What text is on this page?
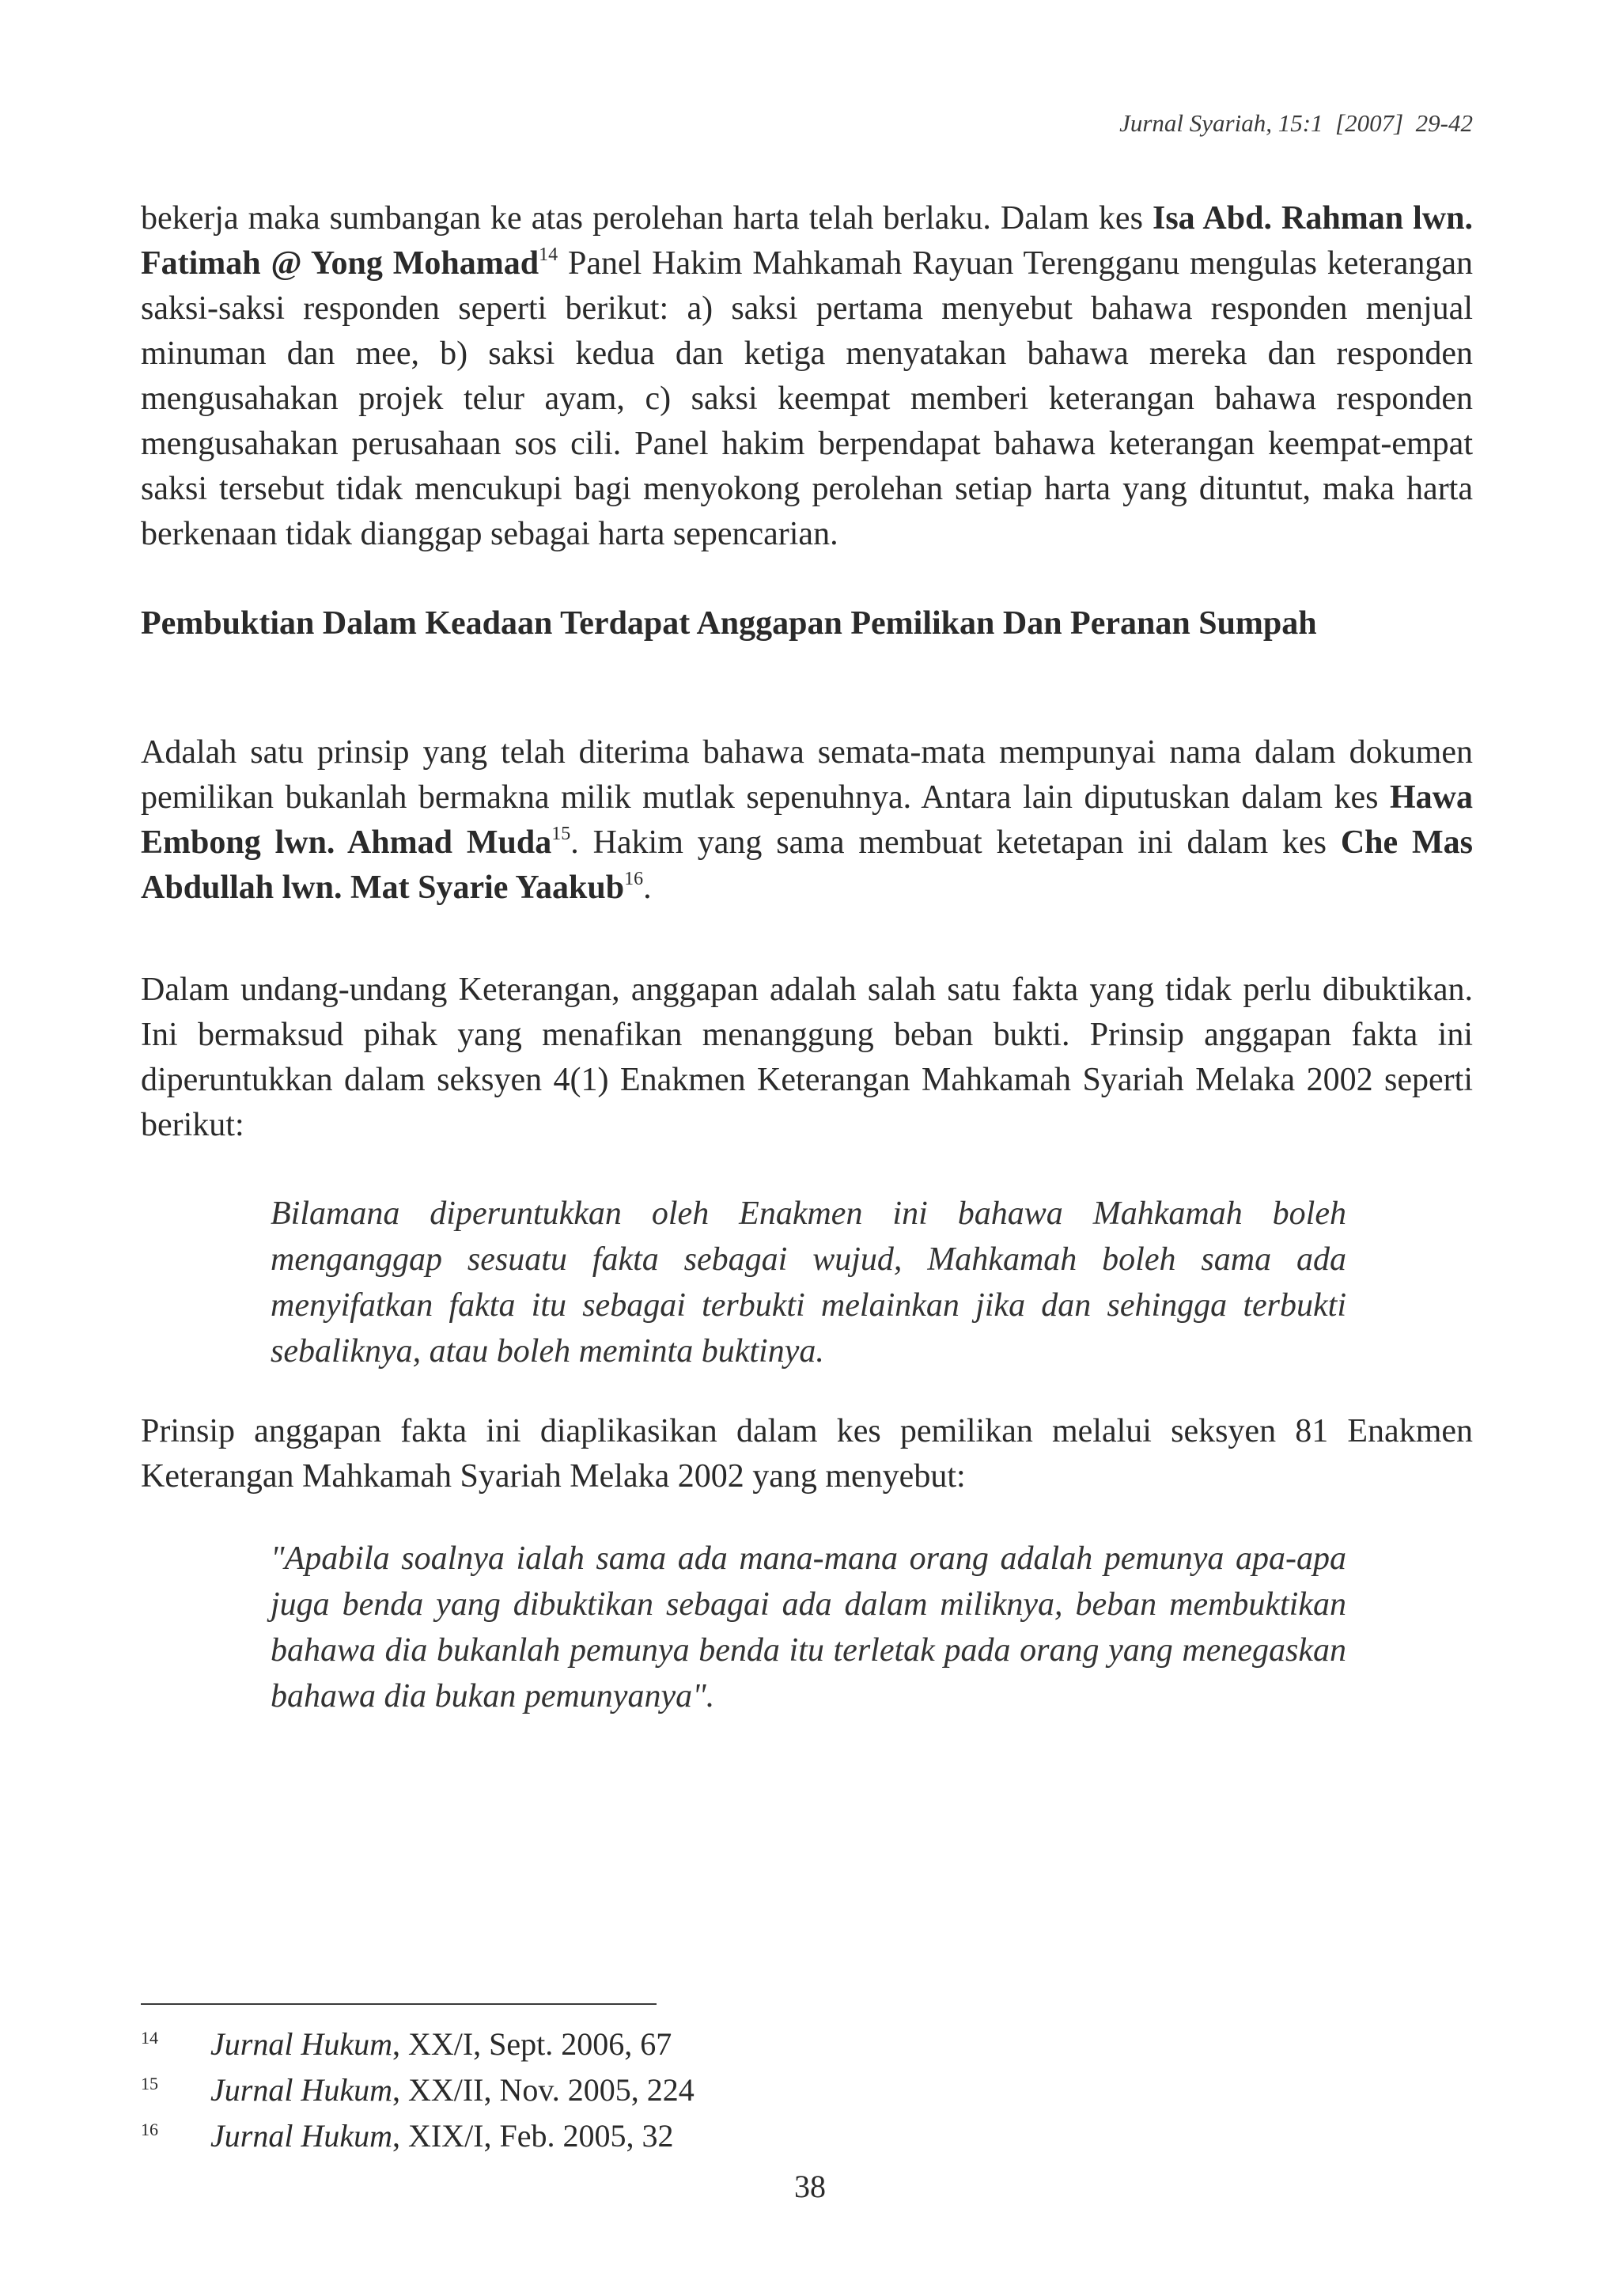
Jurnal Syariah, 15:1  [2007]  29-42

bekerja maka sumbangan ke atas perolehan harta telah berlaku. Dalam kes Isa Abd. Rahman lwn. Fatimah @ Yong Mohamad$^{14}$ Panel Hakim Mahkamah Rayuan Terengganu mengulas keterangan saksi-saksi responden seperti berikut: a) saksi pertama menyebut bahawa responden menjual minuman dan mee, b) saksi kedua dan ketiga menyatakan bahawa mereka dan responden mengusahakan projek telur ayam, c) saksi keempat memberi keterangan bahawa responden mengusahakan perusahaan sos cili. Panel hakim berpendapat bahawa keterangan keempat-empat saksi tersebut tidak mencukupi bagi menyokong perolehan setiap harta yang dituntut, maka harta berkenaan tidak dianggap sebagai harta sepencarian.

Pembuktian Dalam Keadaan Terdapat Anggapan Pemilikan Dan Peranan Sumpah

Adalah satu prinsip yang telah diterima bahawa semata-mata mempunyai nama dalam dokumen pemilikan bukanlah bermakna milik mutlak sepenuhnya. Antara lain diputuskan dalam kes Hawa Embong lwn. Ahmad Muda$^{15}$. Hakim yang sama membuat ketetapan ini dalam kes Che Mas Abdullah lwn. Mat Syarie Yaakub$^{16}$.

Dalam undang-undang Keterangan, anggapan adalah salah satu fakta yang tidak perlu dibuktikan. Ini bermaksud pihak yang menafikan menanggung beban bukti. Prinsip anggapan fakta ini diperuntukkan dalam seksyen 4(1) Enakmen Keterangan Mahkamah Syariah Melaka 2002 seperti berikut:

Bilamana diperuntukkan oleh Enakmen ini bahawa Mahkamah boleh menganggap sesuatu fakta sebagai wujud, Mahkamah boleh sama ada menyifatkan fakta itu sebagai terbukti melainkan jika dan sehingga terbukti sebaliknya, atau boleh meminta buktinya.

Prinsip anggapan fakta ini diaplikasikan dalam kes pemilikan melalui seksyen 81 Enakmen Keterangan Mahkamah Syariah Melaka 2002 yang menyebut:

"Apabila soalnya ialah sama ada mana-mana orang adalah pemunya apa-apa juga benda yang dibuktikan sebagai ada dalam miliknya, beban membuktikan bahawa dia bukanlah pemunya benda itu terletak pada orang yang menegaskan bahawa dia bukan pemunyanya".

14	Jurnal Hukum, XX/I, Sept. 2006, 67
15	Jurnal Hukum, XX/II, Nov. 2005, 224
16	Jurnal Hukum, XIX/I, Feb. 2005, 32
38
